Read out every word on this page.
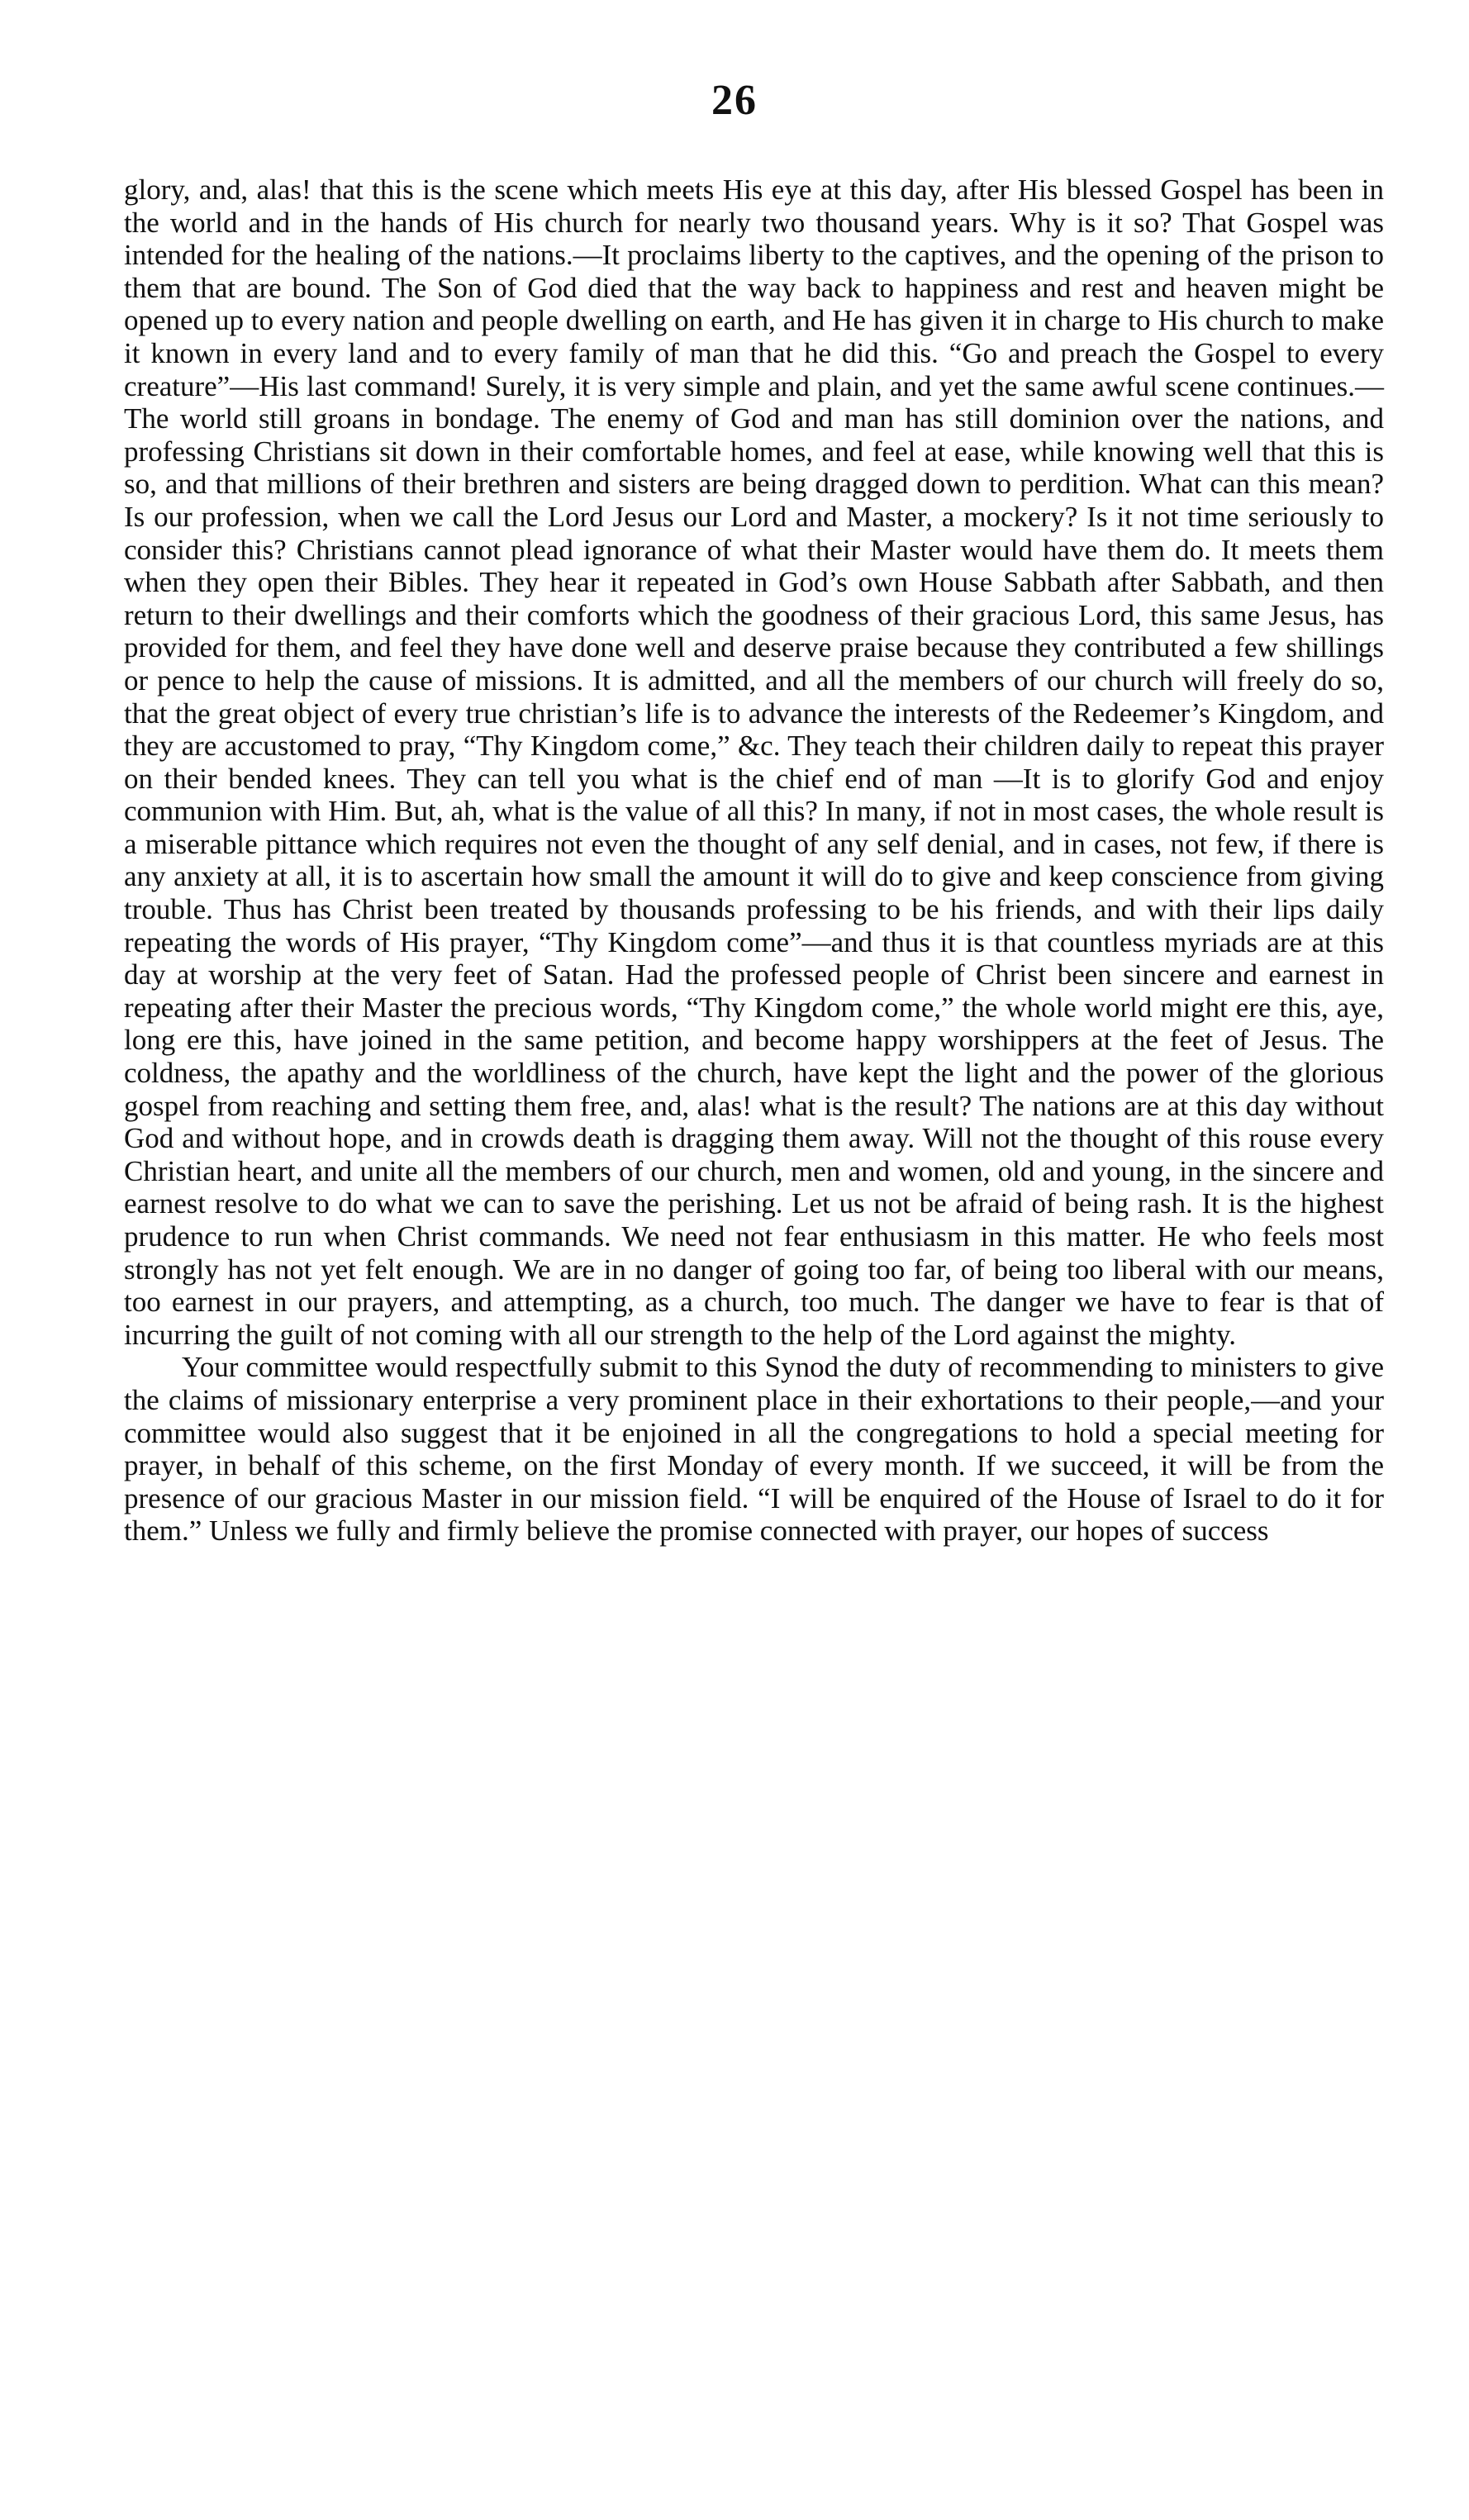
26

glory, and, alas! that this is the scene which meets His eye at this day, after His blessed Gospel has been in the world and in the hands of His church for nearly two thousand years. Why is it so? That Gospel was intended for the healing of the nations.—It proclaims liberty to the captives, and the opening of the prison to them that are bound. The Son of God died that the way back to happiness and rest and heaven might be opened up to every nation and people dwelling on earth, and He has given it in charge to His church to make it known in every land and to every family of man that he did this. “Go and preach the Gospel to every creature”—His last command! Surely, it is very simple and plain, and yet the same awful scene continues.—The world still groans in bondage. The enemy of God and man has still dominion over the nations, and professing Christians sit down in their comfortable homes, and feel at ease, while knowing well that this is so, and that millions of their brethren and sisters are being dragged down to perdition. What can this mean? Is our profession, when we call the Lord Jesus our Lord and Master, a mockery? Is it not time seriously to consider this? Christians cannot plead ignorance of what their Master would have them do. It meets them when they open their Bibles. They hear it repeated in God’s own House Sabbath after Sabbath, and then return to their dwellings and their comforts which the goodness of their gracious Lord, this same Jesus, has provided for them, and feel they have done well and deserve praise because they contributed a few shillings or pence to help the cause of missions. It is admitted, and all the members of our church will freely do so, that the great object of every true christian’s life is to advance the interests of the Redeemer’s Kingdom, and they are accustomed to pray, “Thy Kingdom come,” &c. They teach their children daily to repeat this prayer on their bended knees. They can tell you what is the chief end of man —It is to glorify God and enjoy communion with Him. But, ah, what is the value of all this? In many, if not in most cases, the whole result is a miserable pittance which requires not even the thought of any self denial, and in cases, not few, if there is any anxiety at all, it is to ascertain how small the amount it will do to give and keep conscience from giving trouble. Thus has Christ been treated by thousands professing to be his friends, and with their lips daily repeating the words of His prayer, “Thy Kingdom come”—and thus it is that countless myriads are at this day at worship at the very feet of Satan. Had the professed people of Christ been sincere and earnest in repeating after their Master the precious words, “Thy Kingdom come,” the whole world might ere this, aye, long ere this, have joined in the same petition, and become happy worshippers at the feet of Jesus. The coldness, the apathy and the worldliness of the church, have kept the light and the power of the glorious gospel from reaching and setting them free, and, alas! what is the result? The nations are at this day without God and without hope, and in crowds death is dragging them away. Will not the thought of this rouse every Christian heart, and unite all the members of our church, men and women, old and young, in the sincere and earnest resolve to do what we can to save the perishing. Let us not be afraid of being rash. It is the highest prudence to run when Christ commands. We need not fear enthusiasm in this matter. He who feels most strongly has not yet felt enough. We are in no danger of going too far, of being too liberal with our means, too earnest in our prayers, and attempting, as a church, too much. The danger we have to fear is that of incurring the guilt of not coming with all our strength to the help of the Lord against the mighty.

Your committee would respectfully submit to this Synod the duty of recommending to ministers to give the claims of missionary enterprise a very prominent place in their exhortations to their people,—and your committee would also suggest that it be enjoined in all the congregations to hold a special meeting for prayer, in behalf of this scheme, on the first Monday of every month. If we succeed, it will be from the presence of our gracious Master in our mission field. “I will be enquired of the House of Israel to do it for them.” Unless we fully and firmly believe the promise connected with prayer, our hopes of success
